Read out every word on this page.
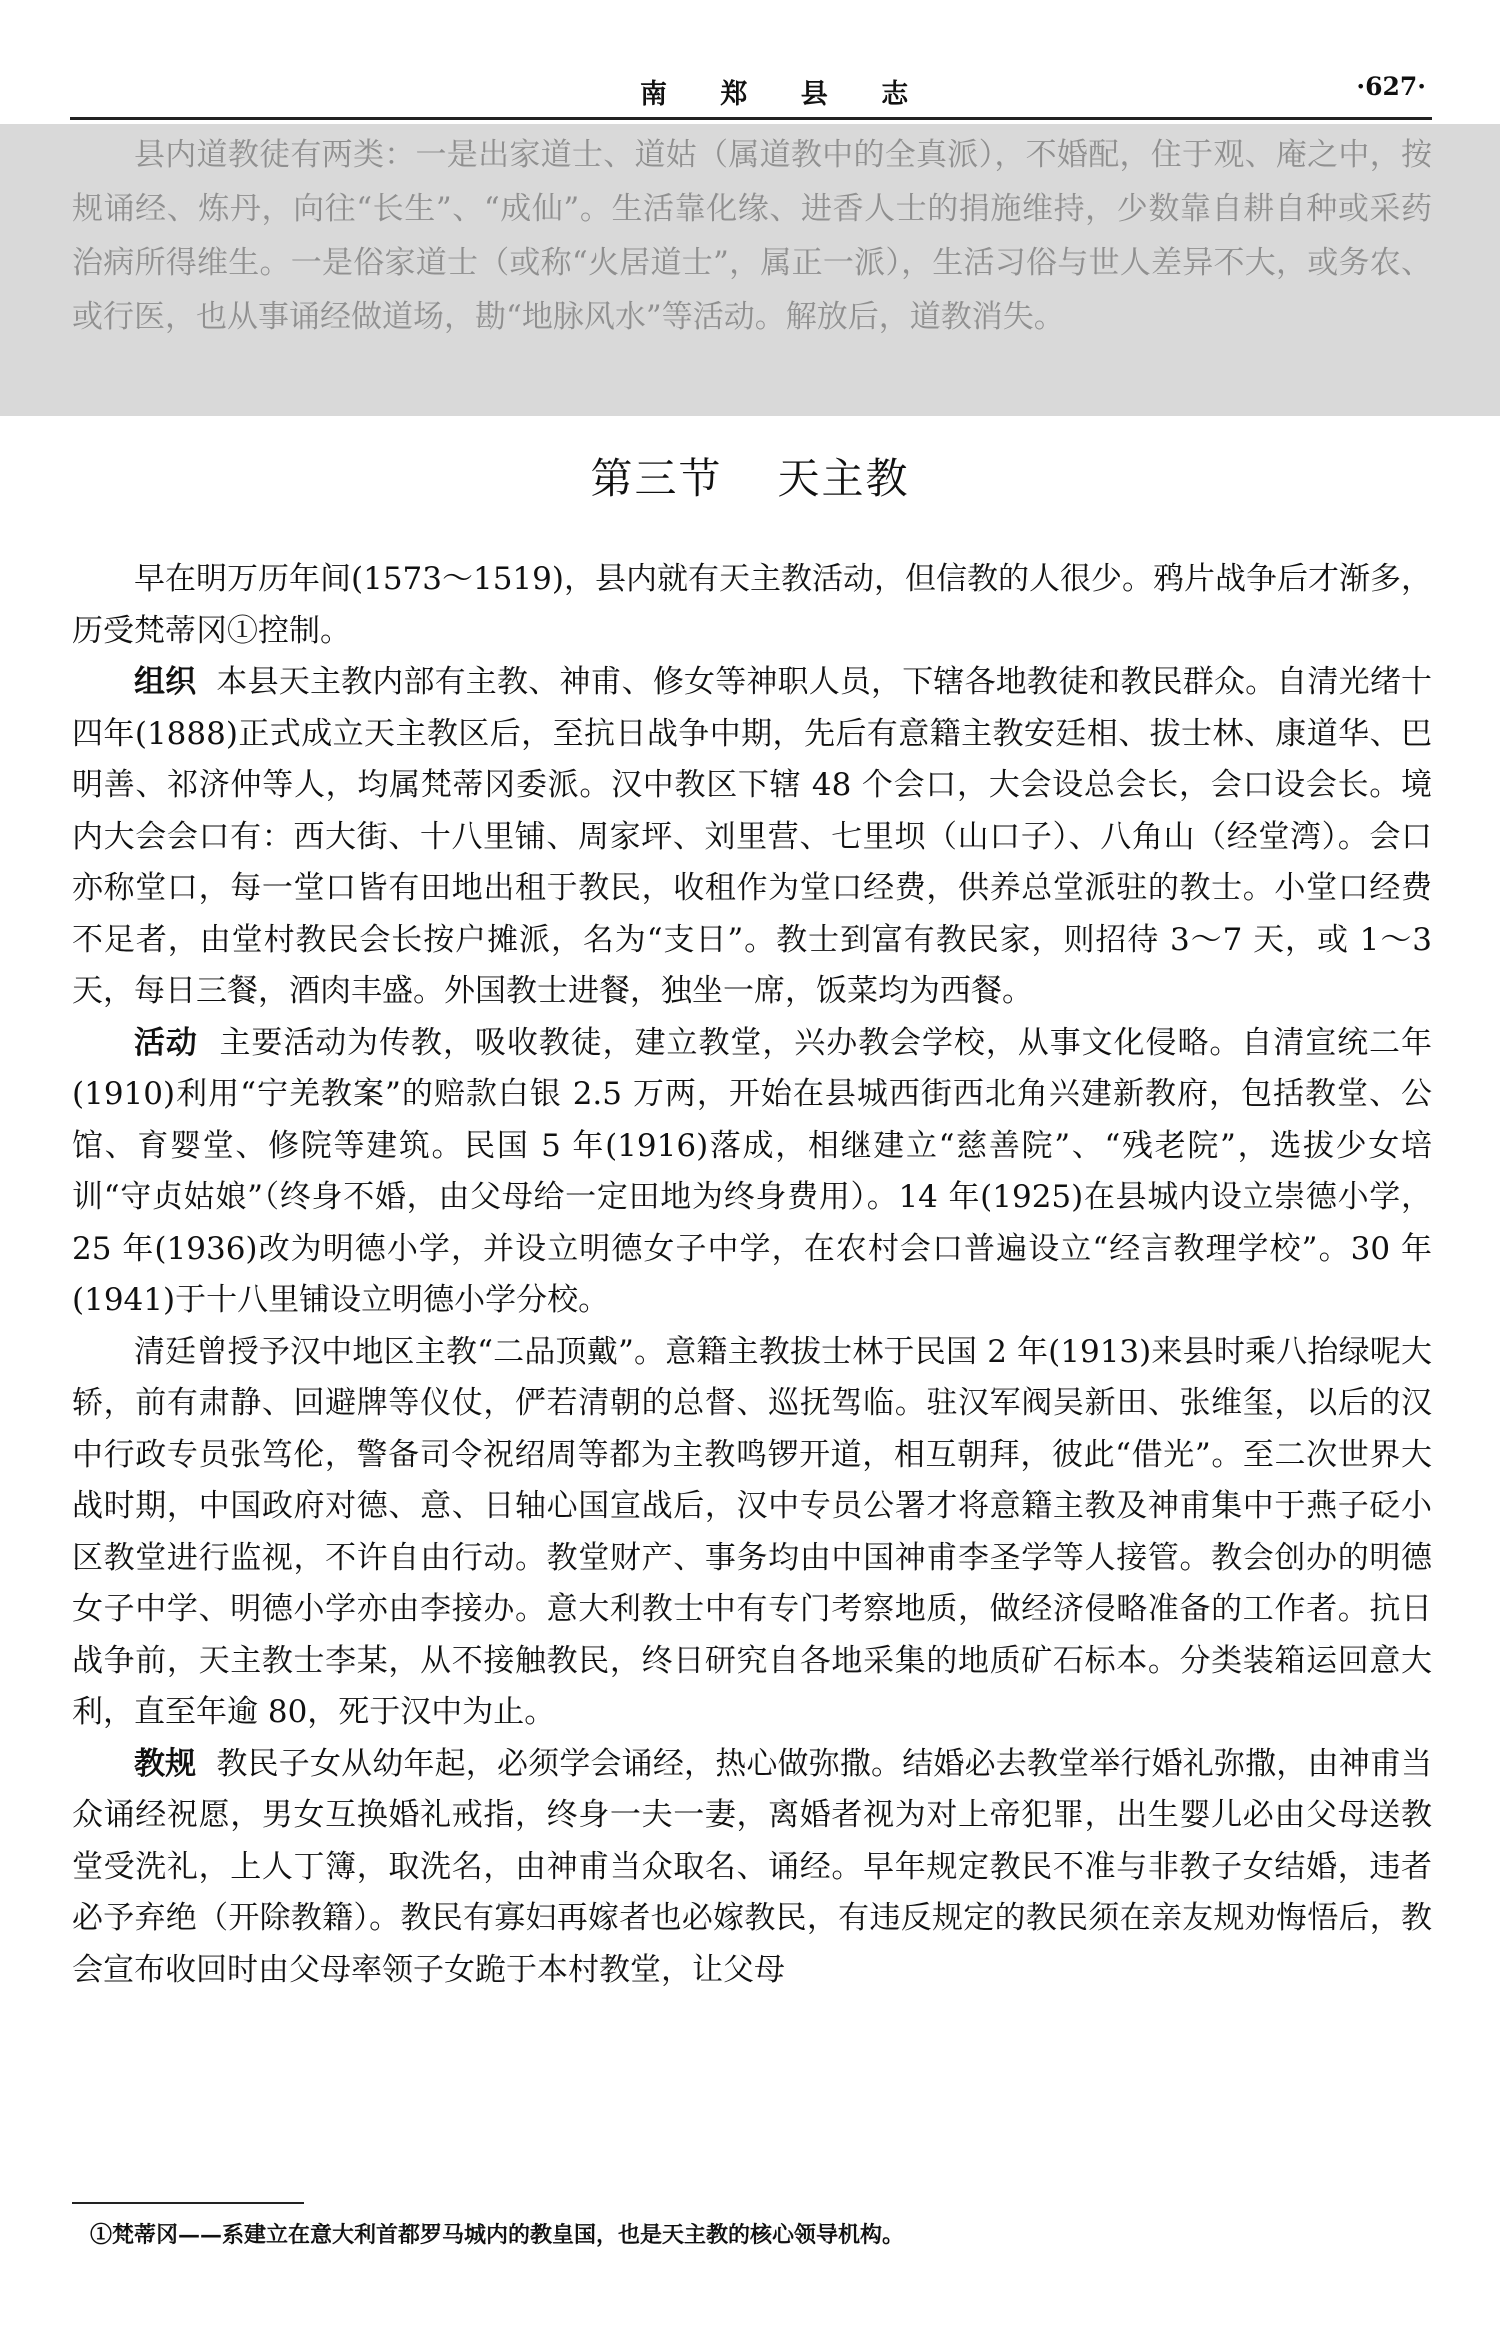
南 郑 县 志	·627·

县内道教徒有两类：一是出家道士、道姑（属道教中的全真派），不婚配，住于观、庵之中，按规诵经、炼丹，向往“长生”、“成仙”。生活靠化缘、进香人士的捐施维持，少数靠自耕自种或采药治病所得维生。一是俗家道士（或称“火居道士”，属正一派），生活习俗与世人差异不大，或务农、或行医，也从事诵经做道场，勘“地脉风水”等活动。解放后，道教消失。

第三节 天主教

早在明万历年间(1573～1519)，县内就有天主教活动，但信教的人很少。鸦片战争后才渐多，历受梵蒂冈①控制。

组织 本县天主教内部有主教、神甫、修女等神职人员，下辖各地教徒和教民群众。自清光绪十四年(1888)正式成立天主教区后，至抗日战争中期，先后有意籍主教安廷相、拔士林、康道华、巴明善、祁济仲等人，均属梵蒂冈委派。汉中教区下辖 48 个会口，大会设总会长，会口设会长。境内大会会口有：西大街、十八里铺、周家坪、刘里营、七里坝（山口子）、八角山（经堂湾）。会口亦称堂口，每一堂口皆有田地出租于教民，收租作为堂口经费，供养总堂派驻的教士。小堂口经费不足者，由堂村教民会长按户摊派，名为“支日”。教士到富有教民家，则招待 3～7 天，或 1～3 天，每日三餐，酒肉丰盛。外国教士进餐，独坐一席，饭菜均为西餐。

活动 主要活动为传教，吸收教徒，建立教堂，兴办教会学校，从事文化侵略。自清宣统二年(1910)利用“宁羌教案”的赔款白银 2.5 万两，开始在县城西街西北角兴建新教府，包括教堂、公馆、育婴堂、修院等建筑。民国 5 年(1916)落成，相继建立“慈善院”、“残老院”，选拔少女培训“守贞姑娘”（终身不婚，由父母给一定田地为终身费用）。14 年(1925)在县城内设立崇德小学，25 年(1936)改为明德小学，并设立明德女子中学，在农村会口普遍设立“经言教理学校”。30 年(1941)于十八里铺设立明德小学分校。

清廷曾授予汉中地区主教“二品顶戴”。意籍主教拔士林于民国 2 年(1913)来县时乘八抬绿呢大轿，前有肃静、回避牌等仪仗，俨若清朝的总督、巡抚驾临。驻汉军阀吴新田、张维玺，以后的汉中行政专员张笃伦，警备司令祝绍周等都为主教鸣锣开道，相互朝拜，彼此“借光”。至二次世界大战时期，中国政府对德、意、日轴心国宣战后，汉中专员公署才将意籍主教及神甫集中于燕子砭小区教堂进行监视，不许自由行动。教堂财产、事务均由中国神甫李圣学等人接管。教会创办的明德女子中学、明德小学亦由李接办。意大利教士中有专门考察地质，做经济侵略准备的工作者。抗日战争前，天主教士李某，从不接触教民，终日研究自各地采集的地质矿石标本。分类装箱运回意大利，直至年逾 80，死于汉中为止。

教规 教民子女从幼年起，必须学会诵经，热心做弥撒。结婚必去教堂举行婚礼弥撒，由神甫当众诵经祝愿，男女互换婚礼戒指，终身一夫一妻，离婚者视为对上帝犯罪，出生婴儿必由父母送教堂受洗礼，上人丁簿，取洗名，由神甫当众取名、诵经。早年规定教民不准与非教子女结婚，违者必予弃绝（开除教籍）。教民有寡妇再嫁者也必嫁教民，有违反规定的教民须在亲友规劝悔悟后，教会宣布收回时由父母率领子女跪于本村教堂，让父母

①梵蒂冈——系建立在意大利首都罗马城内的教皇国，也是天主教的核心领导机构。
